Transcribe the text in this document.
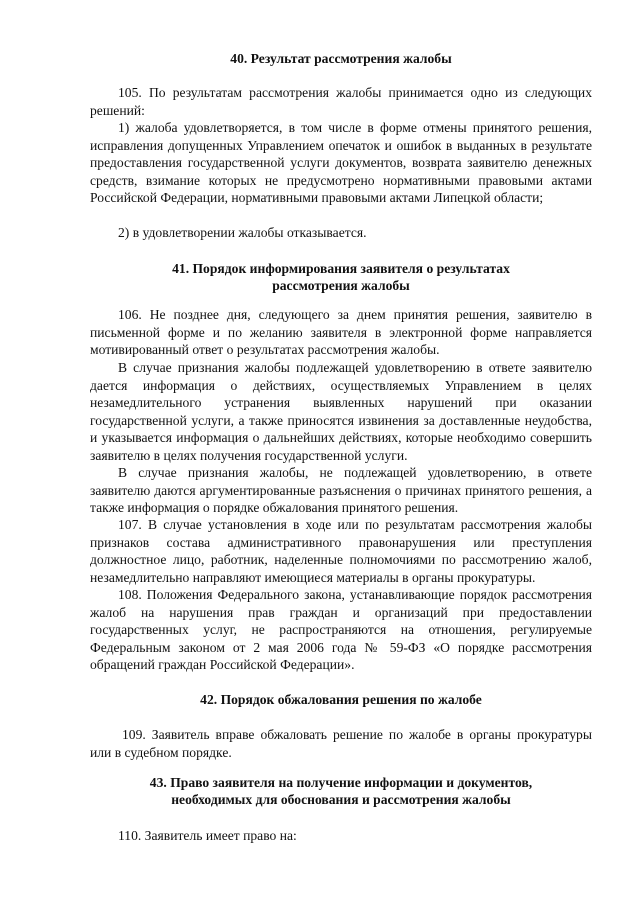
40. Результат рассмотрения жалобы
105. По результатам рассмотрения жалобы принимается одно из следующих решений:
1) жалоба удовлетворяется, в том числе в форме отмены принятого решения, исправления допущенных Управлением опечаток и ошибок в выданных в результате предоставления государственной услуги документов, возврата заявителю денежных средств, взимание которых не предусмотрено нормативными правовыми актами Российской Федерации, нормативными правовыми актами Липецкой области;
2) в удовлетворении жалобы отказывается.
41. Порядок информирования заявителя о результатах
рассмотрения жалобы
106. Не позднее дня, следующего за днем принятия решения, заявителю в письменной форме и по желанию заявителя в электронной форме направляется мотивированный ответ о результатах рассмотрения жалобы.
В случае признания жалобы подлежащей удовлетворению в ответе заявителю дается информация о действиях, осуществляемых Управлением в целях незамедлительного устранения выявленных нарушений при оказании государственной услуги, а также приносятся извинения за доставленные неудобства, и указывается информация о дальнейших действиях, которые необходимо совершить заявителю в целях получения государственной услуги.
В случае признания жалобы, не подлежащей удовлетворению, в ответе заявителю даются аргументированные разъяснения о причинах принятого решения, а также информация о порядке обжалования принятого решения.
107. В случае установления в ходе или по результатам рассмотрения жалобы признаков состава административного правонарушения или преступления должностное лицо, работник, наделенные полномочиями по рассмотрению жалоб, незамедлительно направляют имеющиеся материалы в органы прокуратуры.
108. Положения Федерального закона, устанавливающие порядок рассмотрения жалоб на нарушения прав граждан и организаций при предоставлении государственных услуг, не распространяются на отношения, регулируемые Федеральным законом от 2 мая 2006 года № 59-ФЗ «О порядке рассмотрения обращений граждан Российской Федерации».
42. Порядок обжалования решения по жалобе
109. Заявитель вправе обжаловать решение по жалобе в органы прокуратуры или в судебном порядке.
43. Право заявителя на получение информации и документов,
необходимых для обоснования и рассмотрения жалобы
110. Заявитель имеет право на:
